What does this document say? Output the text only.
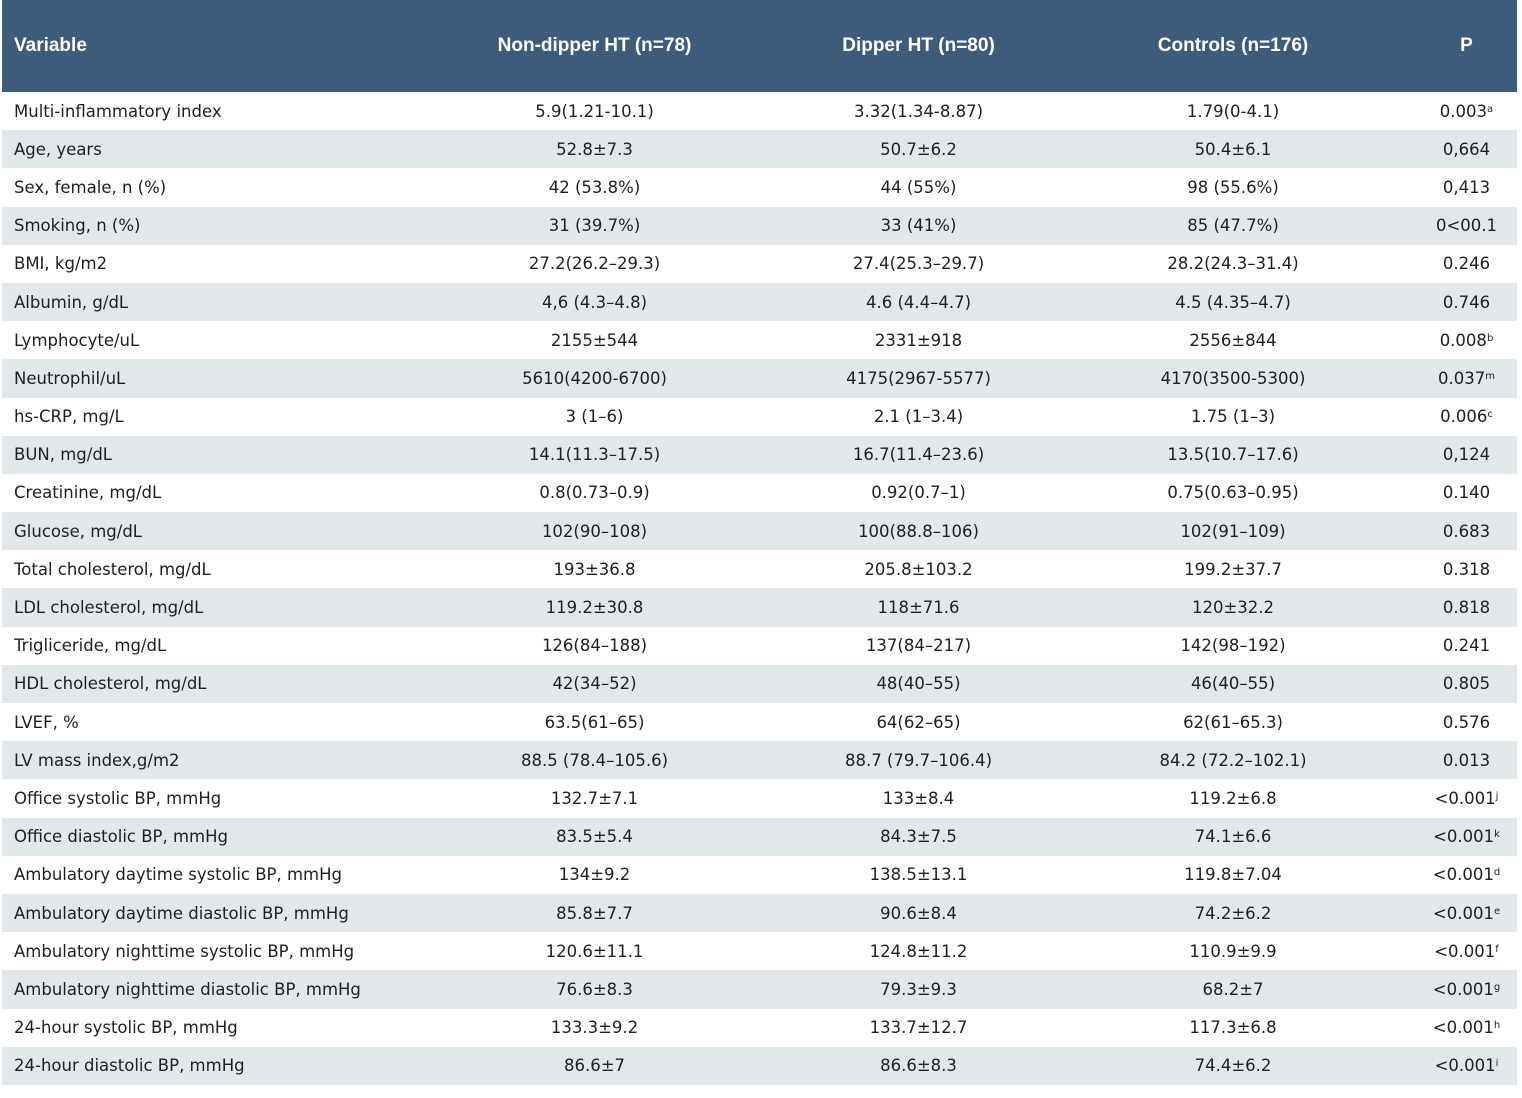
Variable	Non-dipper HT (n=78)	Dipper HT (n=80)	Controls (n=176)	P
Multi-inflammatory index	5.9(1.21-10.1)	3.32(1.34-8.87)	1.79(0-4.1)	0.003$^a$
Age, years	52.8±7.3	50.7±6.2	50.4±6.1	0,664
Sex, female, n (%)	42 (53.8%)	44 (55%)	98 (55.6%)	0,413
Smoking, n (%)	31 (39.7%)	33 (41%)	85 (47.7%)	0<00.1
BMI, kg/m2	27.2(26.2–29.3)	27.4(25.3–29.7)	28.2(24.3–31.4)	0.246
Albumin, g/dL	4,6 (4.3–4.8)	4.6 (4.4–4.7)	4.5 (4.35–4.7)	0.746
Lymphocyte/uL	2155±544	2331±918	2556±844	0.008$^b$
Neutrophil/uL	5610(4200-6700)	4175(2967-5577)	4170(3500-5300)	0.037$^m$
hs-CRP, mg/L	3 (1–6)	2.1 (1–3.4)	1.75 (1–3)	0.006$^c$
BUN, mg/dL	14.1(11.3–17.5)	16.7(11.4–23.6)	13.5(10.7–17.6)	0,124
Creatinine, mg/dL	0.8(0.73–0.9)	0.92(0.7–1)	0.75(0.63–0.95)	0.140
Glucose, mg/dL	102(90–108)	100(88.8–106)	102(91–109)	0.683
Total cholesterol, mg/dL	193±36.8	205.8±103.2	199.2±37.7	0.318
LDL cholesterol, mg/dL	119.2±30.8	118±71.6	120±32.2	0.818
Trigliceride, mg/dL	126(84–188)	137(84–217)	142(98–192)	0.241
HDL cholesterol, mg/dL	42(34–52)	48(40–55)	46(40–55)	0.805
LVEF, %	63.5(61–65)	64(62–65)	62(61–65.3)	0.576
LV mass index,g/m2	88.5 (78.4–105.6)	88.7 (79.7–106.4)	84.2 (72.2–102.1)	0.013
Office systolic BP, mmHg	132.7±7.1	133±8.4	119.2±6.8	$<0.001^j$
Office diastolic BP, mmHg	83.5±5.4	84.3±7.5	74.1±6.6	$<0.001^k$
Ambulatory daytime systolic BP, mmHg	134±9.2	138.5±13.1	119.8±7.04	<0.001$^d$
Ambulatory daytime diastolic BP, mmHg	85.8±7.7	90.6±8.4	74.2±6.2	<0.001$^e$
Ambulatory nighttime systolic BP, mmHg	120.6±11.1	124.8±11.2	110.9±9.9	<0.001$^f$
Ambulatory nighttime diastolic BP, mmHg	76.6±8.3	79.3±9.3	68.2±7	<0.001$^g$
24-hour systolic BP, mmHg	133.3±9.2	133.7±12.7	117.3±6.8	<0.001$^h$
24-hour diastolic BP, mmHg	86.6±7	86.6±8.3	74.4±6.2	$<0.001^i$
